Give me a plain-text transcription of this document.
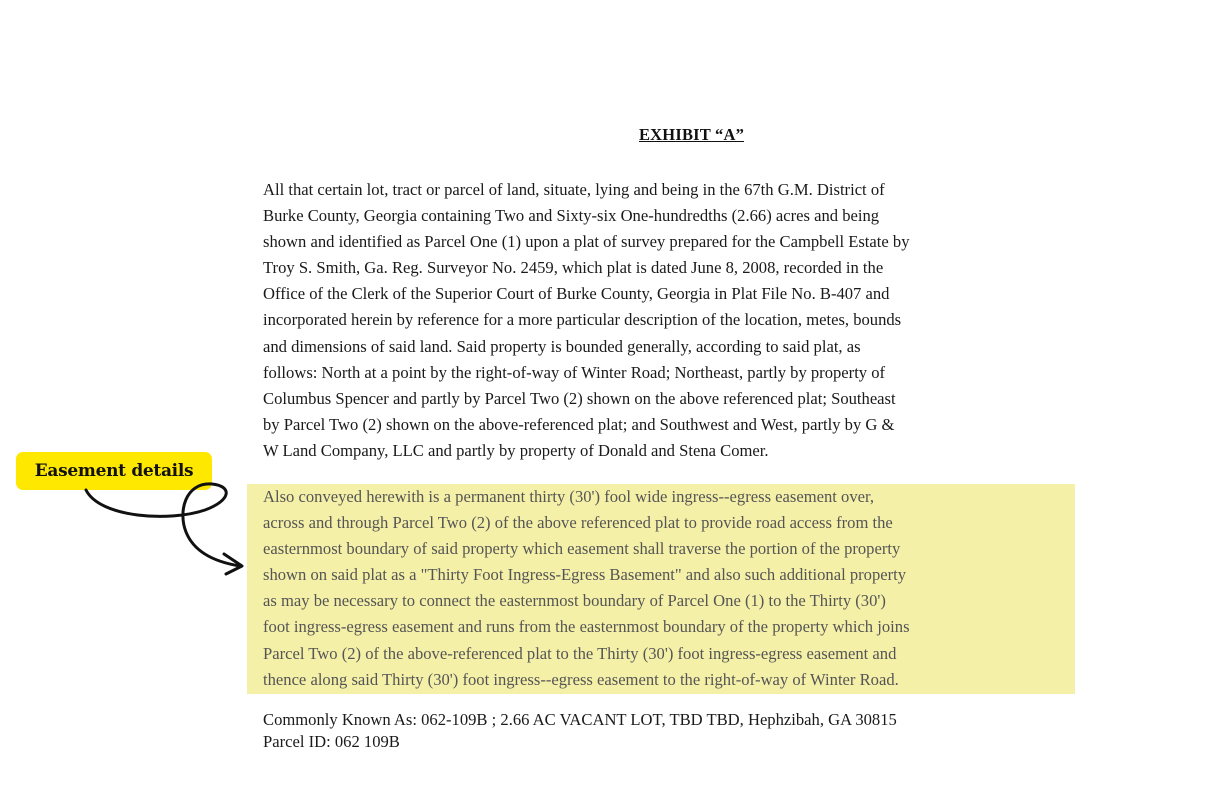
EXHIBIT “A”
All that certain lot, tract or parcel of land, situate, lying and being in the 67th G.M. District of
Burke County, Georgia containing Two and Sixty-six One-hundredths (2.66) acres and being
shown and identified as Parcel One (1) upon a plat of survey prepared for the Campbell Estate by
Troy S. Smith, Ga. Reg. Surveyor No. 2459, which plat is dated June 8, 2008, recorded in the
Office of the Clerk of the Superior Court of Burke County, Georgia in Plat File No. B-407 and
incorporated herein by reference for a more particular description of the location, metes, bounds
and dimensions of said land. Said property is bounded generally, according to said plat, as
follows: North at a point by the right-of-way of Winter Road; Northeast, partly by property of
Columbus Spencer and partly by Parcel Two (2) shown on the above referenced plat; Southeast
by Parcel Two (2) shown on the above-referenced plat; and Southwest and West, partly by G &
W Land Company, LLC and partly by property of Donald and Stena Comer.
Also conveyed herewith is a permanent thirty (30') fool wide ingress--egress easement over,
across and through Parcel Two (2) of the above referenced plat to provide road access from the
easternmost boundary of said property which easement shall traverse the portion of the property
shown on said plat as a "Thirty Foot Ingress-Egress Basement" and also such additional property
as may be necessary to connect the easternmost boundary of Parcel One (1) to the Thirty (30')
foot ingress-egress easement and runs from the easternmost boundary of the property which joins
Parcel Two (2) of the above-referenced plat to the Thirty (30') foot ingress-egress easement and
thence along said Thirty (30') foot ingress--egress easement to the right-of-way of Winter Road.
Commonly Known As: 062-109B ; 2.66 AC VACANT LOT, TBD TBD, Hephzibah, GA 30815
Parcel ID: 062 109B
Easement details
